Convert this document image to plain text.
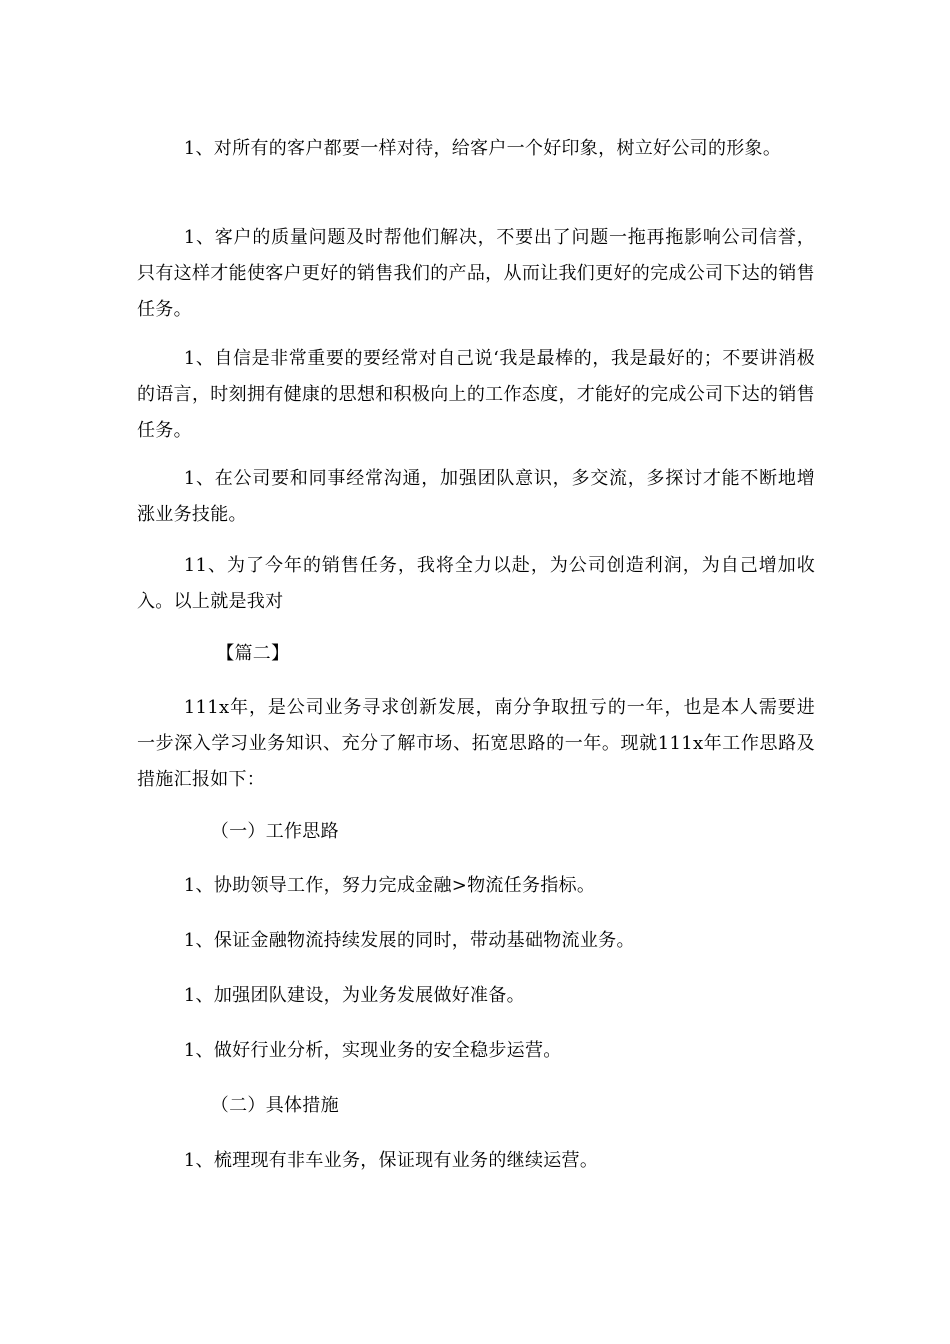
1、对所有的客户都要一样对待，给客户一个好印象，树立好公司的形象。

1、客户的质量问题及时帮他们解决，不要出了问题一拖再拖影响公司信誉，只有这样才能使客户更好的销售我们的产品，从而让我们更好的完成公司下达的销售任务。

1、自信是非常重要的要经常对自己说‘我是最棒的，我是最好的；不要讲消极的语言，时刻拥有健康的思想和积极向上的工作态度，才能好的完成公司下达的销售任务。

1、在公司要和同事经常沟通，加强团队意识，多交流，多探讨才能不断地增涨业务技能。

11、为了今年的销售任务，我将全力以赴，为公司创造利润，为自己增加收入。以上就是我对

【篇二】

111x年，是公司业务寻求创新发展，南分争取扭亏的一年，也是本人需要进一步深入学习业务知识、充分了解市场、拓宽思路的一年。现就111x年工作思路及措施汇报如下：

（一）工作思路

1、协助领导工作，努力完成金融>物流任务指标。

1、保证金融物流持续发展的同时，带动基础物流业务。

1、加强团队建设，为业务发展做好准备。

1、做好行业分析，实现业务的安全稳步运营。

（二）具体措施

1、梳理现有非车业务，保证现有业务的继续运营。
